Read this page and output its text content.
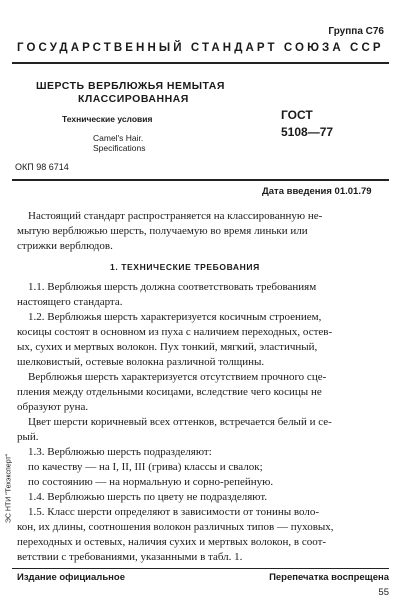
Группа С76
ГОСУДАРСТВЕННЫЙ СТАНДАРТ СОЮЗА ССР
ШЕРСТЬ ВЕРБЛЮЖЬЯ НЕМЫТАЯ
КЛАССИРОВАННАЯ
Технические условия
Camel's Hair.
Specifications
ГОСТ
5108—77
ОКП 98 6714
Дата введения 01.01.79
Настоящий стандарт распространяется на классированную не-
мытую верблюжью шерсть, получаемую во время линьки или
стрижки верблюдов.
1. ТЕХНИЧЕСКИЕ ТРЕБОВАНИЯ
1.1. Верблюжья шерсть должна соответствовать требованиям
настоящего стандарта.
1.2. Верблюжья шерсть характеризуется косичным строением,
косицы состоят в основном из пуха с наличием переходных, остев-
ых, сухих и мертвых волокон. Пух тонкий, мягкий, эластичный,
шелковистый, остевые волокна различной толщины.
Верблюжья шерсть характеризуется отсутствием прочного сце-
пления между отдельными косицами, вследствие чего косицы не
образуют руна.
Цвет шерсти коричневый всех оттенков, встречается белый и се-
рый.
1.3. Верблюжью шерсть подразделяют:
по качеству — на I, II, III (грива) классы и свалок;
по состоянию — на нормальную и сорно-репейную.
1.4. Верблюжью шерсть по цвету не подразделяют.
1.5. Класс шерсти определяют в зависимости от тонины воло-
кон, их длины, соотношения волокон различных типов — пуховых,
переходных и остевых, наличия сухих и мертвых волокон, в соот-
ветствии с требованиями, указанными в табл. 1.
ЭС НТИ "Техэксперт"
Издание официальное	Перепечатка воспрещена
55
